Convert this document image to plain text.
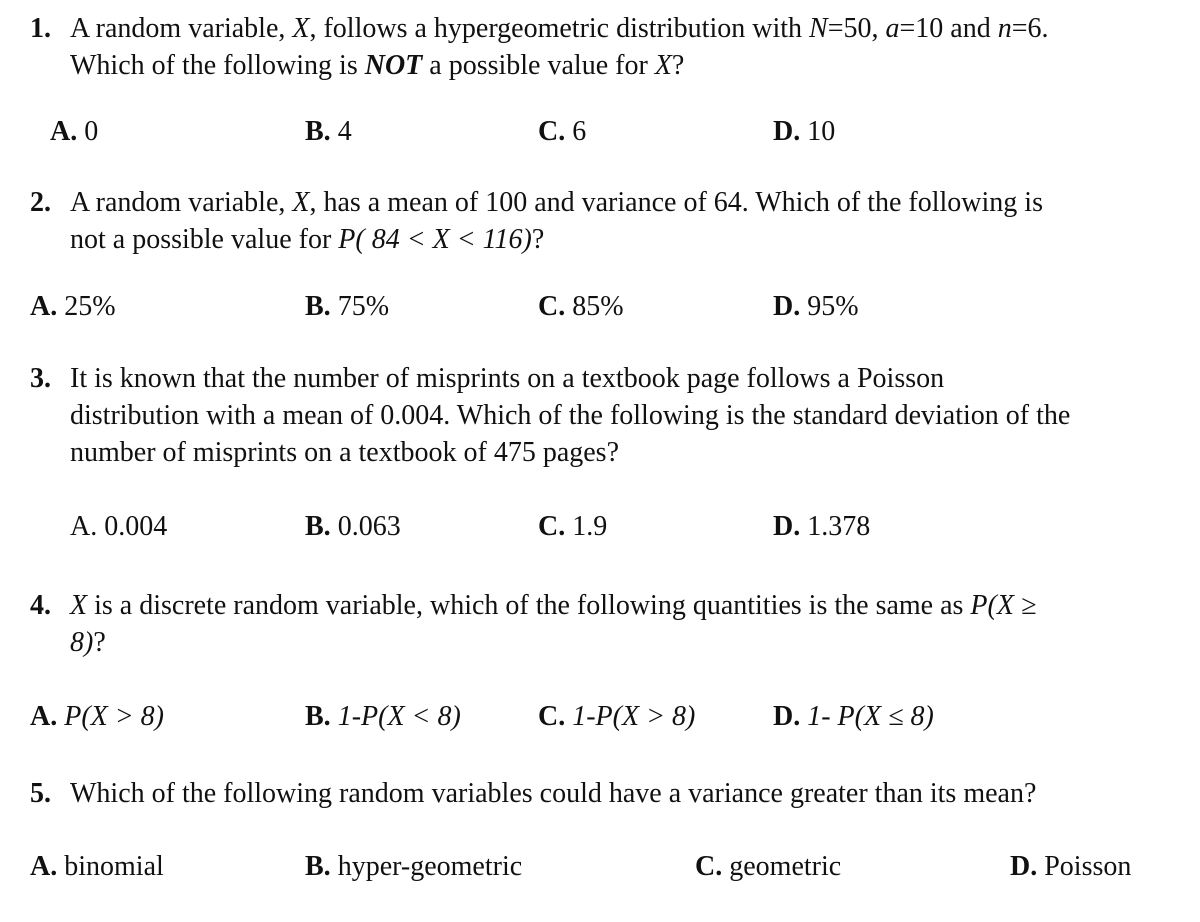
1. A random variable, X, follows a hypergeometric distribution with N=50, a=10 and n=6.
Which of the following is NOT a possible value for X?
A. 0	B. 4	C. 6	D. 10
2. A random variable, X, has a mean of 100 and variance of 64. Which of the following is
not a possible value for P( 84 < X < 116)?
A. 25%	B. 75%	C. 85%	D. 95%
3. It is known that the number of misprints on a textbook page follows a Poisson
distribution with a mean of 0.004. Which of the following is the standard deviation of the
number of misprints on a textbook of 475 pages?
A. 0.004	B. 0.063	C. 1.9	D. 1.378
4. X is a discrete random variable, which of the following quantities is the same as P(X ≥
8)?
A. P(X > 8)	B. 1-P(X < 8)	C. 1-P(X > 8)	D. 1- P(X ≤ 8)
5. Which of the following random variables could have a variance greater than its mean?
A. binomial	B. hyper-geometric	C. geometric	D. Poisson
